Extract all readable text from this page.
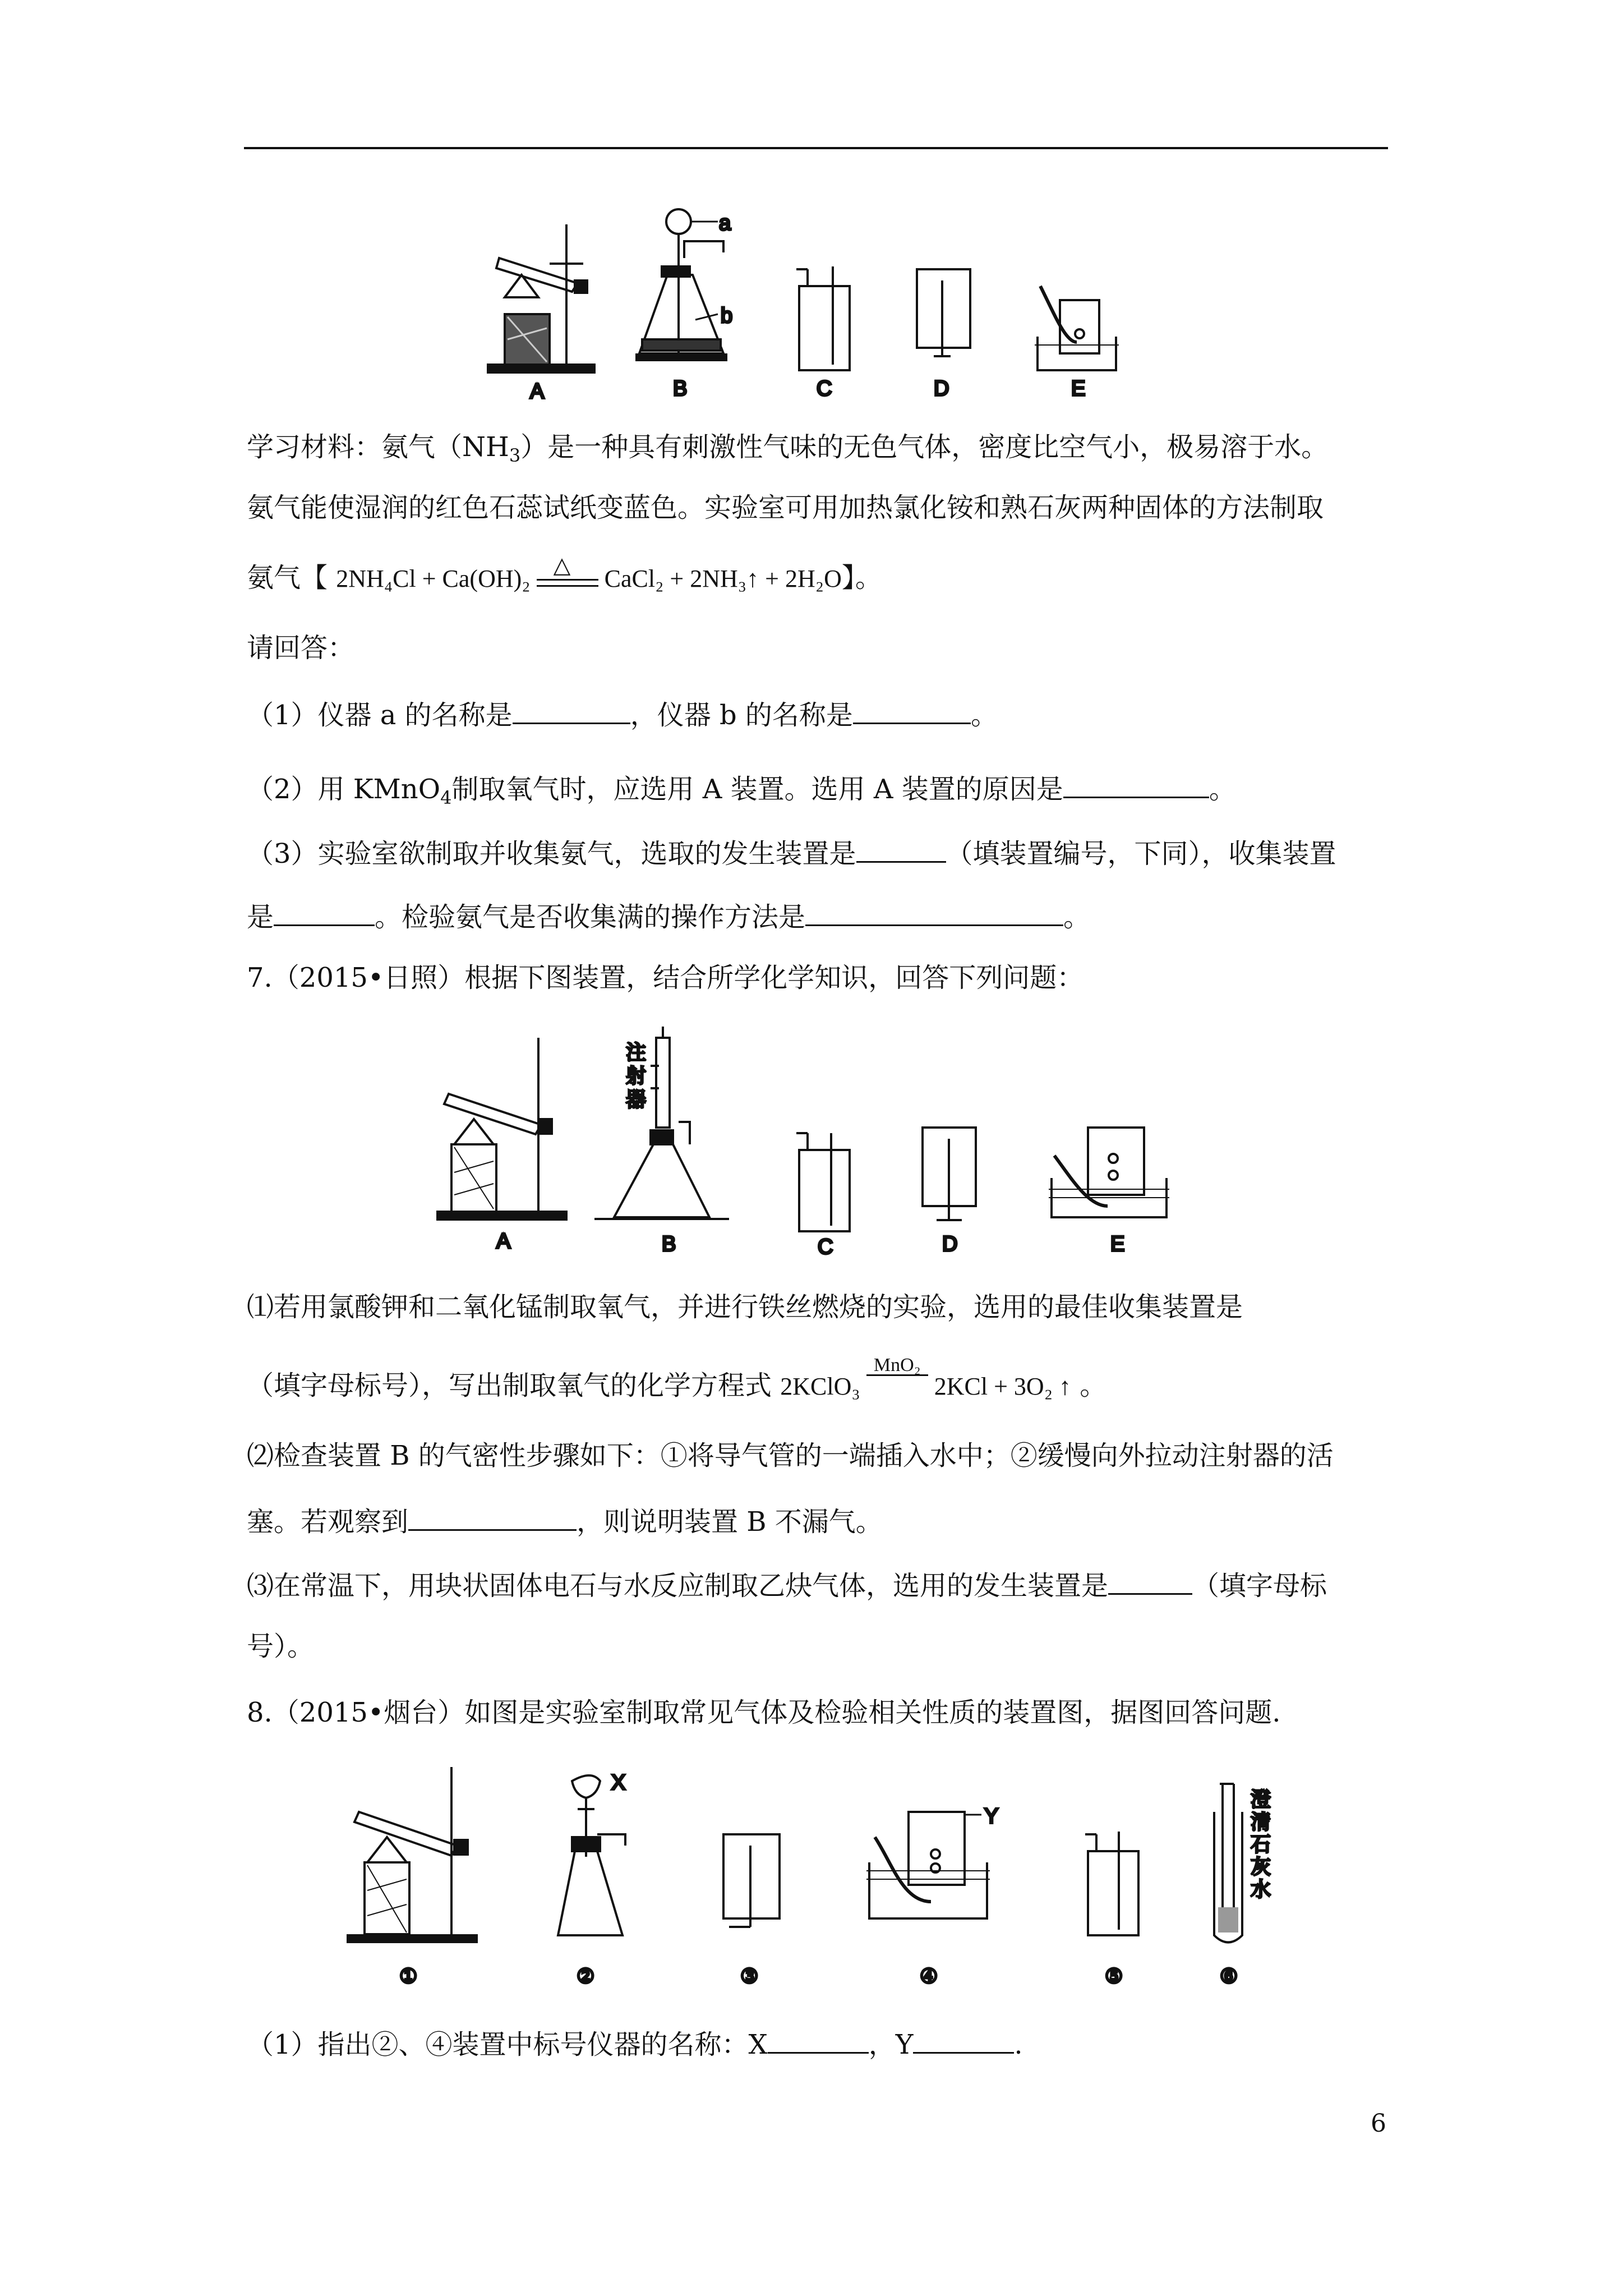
A
a
b
B	C	D	E
学习材料：氨气$(NH_3)$是一种具有刺激性气味的无色气体，密度比空气小，极易溶于水。
氨气能使湿润的红色石蕊试纸变蓝色。实验室可用加热氯化铵和熟石灰两种固体的方法制取
氨气【 2NH₄Cl + Ca(OH)₂ △ CaCl₂ + 2NH₃↑ + 2H₂O】。
请回答：
（1）仪器 a 的名称是	，仪器 b 的名称是	。
（2）用 KMnO$_4$制取氧气时，应选用 A 装置。选用 A 装置的原因是	。
（3）实验室欲制取并收集氨气，选取的发生装置是	（填装置编号，下同），收集装置
是	。检验氨气是否收集满的操作方法是	。
7.（2015•日照）根据下图装置，结合所学化学知识，回答下列问题：
A
注
射
器
B	C	D	E
⑴若用氯酸钾和二氧化锰制取氧气，并进行铁丝燃烧的实验，选用的最佳收集装置是
（填字母标号），写出制取氧气的化学方程式 2KClO₃
MnO₂
2KCl + 3O₂ ↑ 。
⑵检查装置 B 的气密性步骤如下：①将导气管的一端插入水中；②缓慢向外拉动注射器的活
塞。若观察到	，则说明装置 B 不漏气。
⑶在常温下，用块状固体电石与水反应制取乙炔气体，选用的发生装置是	（填字母标
号）。
8.（2015•烟台）如图是实验室制取常见气体及检验相关性质的装置图，据图回答问题.
①
X
②	③
Y
④	⑤
澄
清
石
灰
水
⑥
（1）指出②、④装置中标号仪器的名称：X	，Y	.
6
